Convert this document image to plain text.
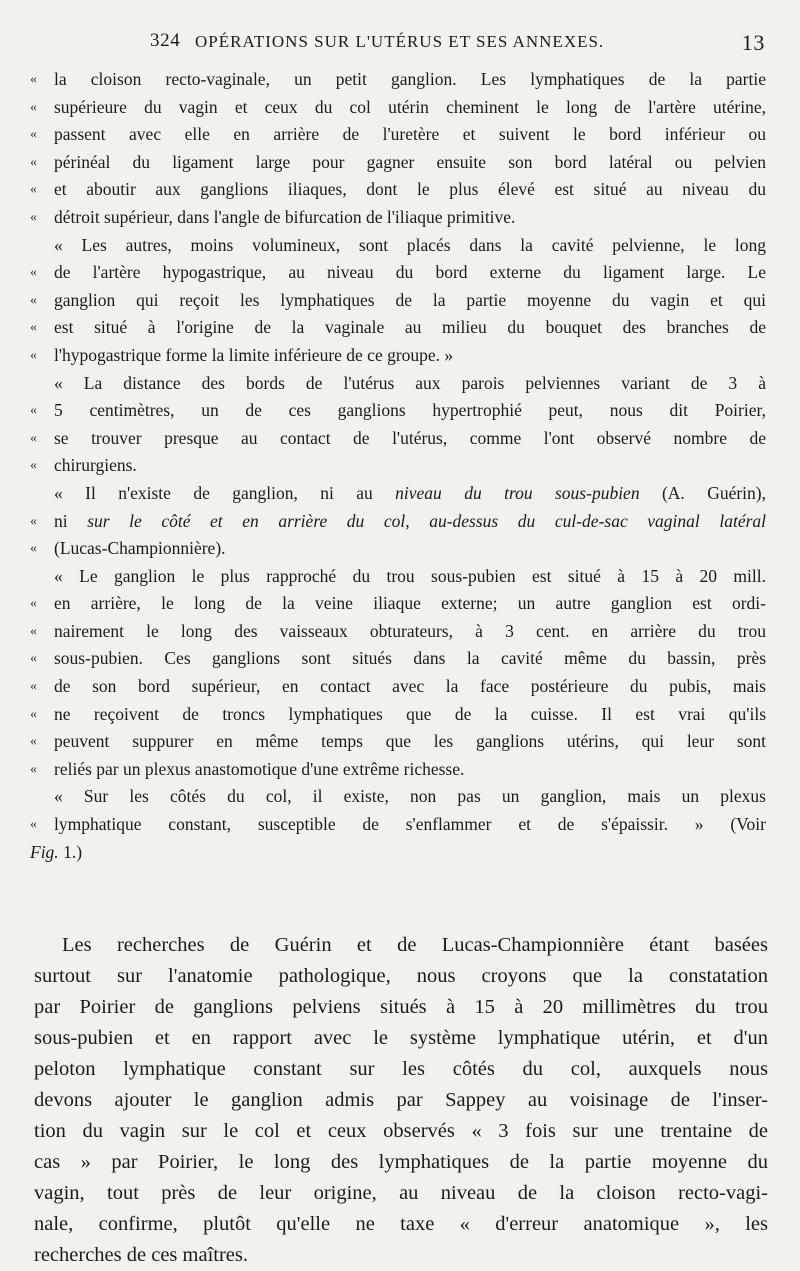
324 OPÉRATIONS SUR L'UTÉRUS ET SES ANNEXES.	13
« la cloison recto-vaginale, un petit ganglion. Les lymphatiques de la partie
« supérieure du vagin et ceux du col utérin cheminent le long de l'artère utérine,
« passent avec elle en arrière de l'uretère et suivent le bord inférieur ou
« périnéal du ligament large pour gagner ensuite son bord latéral ou pelvien
« et aboutir aux ganglions iliaques, dont le plus élevé est situé au niveau du
« détroit supérieur, dans l'angle de bifurcation de l'iliaque primitive.
« Les autres, moins volumineux, sont placés dans la cavité pelvienne, le long
« de l'artère hypogastrique, au niveau du bord externe du ligament large. Le
« ganglion qui reçoit les lymphatiques de la partie moyenne du vagin et qui
« est situé à l'origine de la vaginale au milieu du bouquet des branches de
« l'hypogastrique forme la limite inférieure de ce groupe. »
« La distance des bords de l'utérus aux parois pelviennes variant de 3 à
« 5 centimètres, un de ces ganglions hypertrophié peut, nous dit Poirier,
« se trouver presque au contact de l'utérus, comme l'ont observé nombre de
« chirurgiens.
« Il n'existe de ganglion, ni au niveau du trou sous-pubien (A. Guérin),
« ni sur le côté et en arrière du col, au-dessus du cul-de-sac vaginal latéral
« (Lucas-Championnière).
« Le ganglion le plus rapproché du trou sous-pubien est situé à 15 à 20 mill.
« en arrière, le long de la veine iliaque externe; un autre ganglion est ordi-
« nairement le long des vaisseaux obturateurs, à 3 cent. en arrière du trou
« sous-pubien. Ces ganglions sont situés dans la cavité même du bassin, près
« de son bord supérieur, en contact avec la face postérieure du pubis, mais
« ne reçoivent de troncs lymphatiques que de la cuisse. Il est vrai qu'ils
« peuvent suppurer en même temps que les ganglions utérins, qui leur sont
« reliés par un plexus anastomotique d'une extrême richesse.
« Sur les côtés du col, il existe, non pas un ganglion, mais un plexus
« lymphatique constant, susceptible de s'enflammer et de s'épaissir. » (Voir
Fig. 1.)
Les recherches de Guérin et de Lucas-Championnière étant basées
surtout sur l'anatomie pathologique, nous croyons que la constatation
par Poirier de ganglions pelviens situés à 15 à 20 millimètres du trou
sous-pubien et en rapport avec le système lymphatique utérin, et d'un
peloton lymphatique constant sur les côtés du col, auxquels nous
devons ajouter le ganglion admis par Sappey au voisinage de l'inser-
tion du vagin sur le col et ceux observés « 3 fois sur une trentaine de
cas » par Poirier, le long des lymphatiques de la partie moyenne du
vagin, tout près de leur origine, au niveau de la cloison recto-vagi-
nale, confirme, plutôt qu'elle ne taxe « d'erreur anatomique », les
recherches de ces maîtres.
